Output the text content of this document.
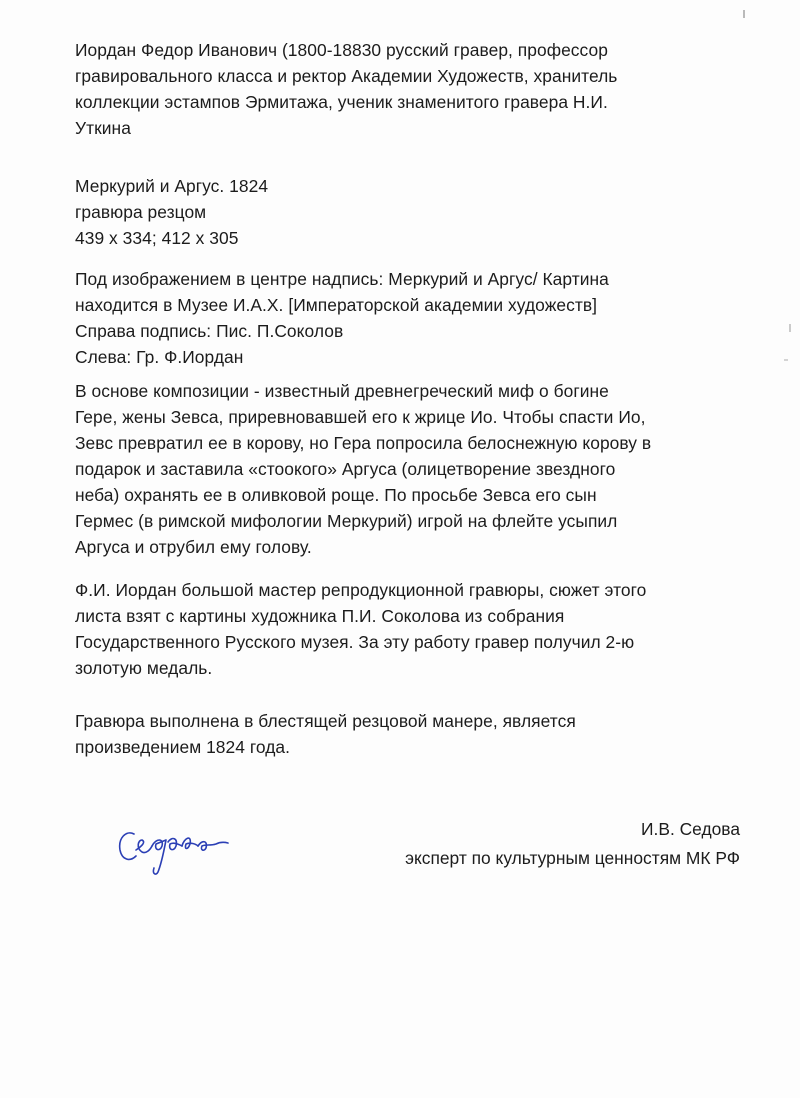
Иордан Федор Иванович (1800-18830 русский гравер, профессор
гравировального класса и ректор Академии Художеств, хранитель
коллекции эстампов Эрмитажа, ученик знаменитого гравера Н.И.
Уткина
Меркурий и Аргус. 1824
гравюра резцом
439 х 334; 412 х 305
Под изображением в центре надпись: Меркурий и Аргус/ Картина
находится в Музее И.А.Х. [Императорской академии художеств]
Справа подпись: Пис. П.Соколов
Слева: Гр. Ф.Иордан
В основе композиции - известный древнегреческий миф о богине
Гере, жены Зевса, приревновавшей его к жрице Ио. Чтобы спасти Ио,
Зевс превратил ее в корову, но Гера попросила белоснежную корову в
подарок и заставила «стоокого» Аргуса (олицетворение звездного
неба) охранять ее в оливковой роще. По просьбе Зевса его сын
Гермес (в римской мифологии Меркурий) игрой на флейте усыпил
Аргуса и отрубил ему голову.
Ф.И. Иордан большой мастер репродукционной гравюры, сюжет этого
листа взят с картины художника П.И. Соколова из собрания
Государственного Русского музея. За эту работу гравер получил 2-ю
золотую медаль.
Гравюра выполнена в блестящей резцовой манере, является
произведением 1824 года.
И.В. Седова
эксперт по культурным ценностям МК РФ
